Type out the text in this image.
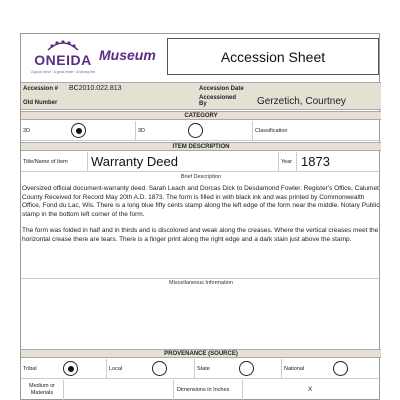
ONEIDA
A good mind · A good heart · A strong fire
Museum	Accession Sheet
Accession # BC2010.022.813	Accession Date
Old Number
Accessioned By	Gerzetich, Courtney
CATEGORY
2D	3D	Classification
ITEM DESCRIPTION
Title/Name of Item Warranty Deed	Year 1873
Brief Description
Oversized official document-warranty deed. Sarah Leach and Dorcas Dick to Desdamond Fowler. Register's Office, Calumet County Received for Record May 20th A.D. 1873. The form is filled in with black ink and was printed by Commonwealth Office, Fond du Lac, Wis. There is a long blue fifty cents stamp along the left edge of the form near the middle. Notary Public stamp in the bottom left corner of the form.
The form was folded in half and in thirds and is discolored and weak along the creases. Where the vertical creases meet the horizontal crease there are tears. There is a finger print along the right edge and a dark stain just above the stamp.
Miscellaneous Information
PROVENANCE (SOURCE)
Tribal	Local	State	National
Medium or Materials	Dimensions in Inches	X
